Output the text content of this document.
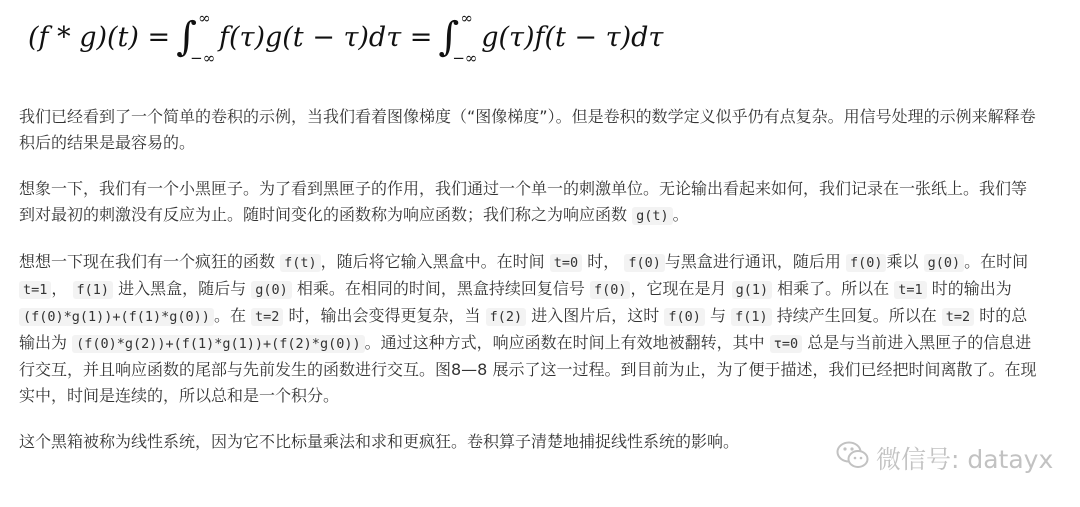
(f * g)(t) = ∫ ∞
−∞
f(τ)g(t − τ)dτ = ∫ ∞
−∞
g(τ)f(t − τ)dτ

我们已经看到了一个简单的卷积的示例，当我们看着图像梯度（“图像梯度”）。但是卷积的数学定义似乎仍有点复杂。用信号处理的示例来解释卷积后的结果是最容易的。

想象一下，我们有一个小黑匣子。为了看到黑匣子的作用，我们通过一个单一的刺激单位。无论输出看起来如何，我们记录在一张纸上。我们等到对最初的刺激没有反应为止。随时间变化的函数称为响应函数；我们称之为响应函数 g(t) 。

想想一下现在我们有一个疯狂的函数 f(t) ，随后将它输入黑盒中。在时间 t=0 时， f(0) 与黑盒进行通讯，随后用 f(0) 乘以 g(0) 。在时间 t=1 ， f(1) 进入黑盒，随后与 g(0) 相乘。在相同的时间，黑盒持续回复信号 f(0) ，它现在是月 g(1) 相乘了。所以在 t=1 时的输出为 (f(0)*g(1))+(f(1)*g(0)) 。在 t=2 时，输出会变得更复杂，当 f(2) 进入图片后，这时 f(0) 与 f(1) 持续产生回复。所以在 t=2 时的总输出为 (f(0)*g(2))+(f(1)*g(1))+(f(2)*g(0)) 。通过这种方式，响应函数在时间上有效地被翻转，其中 τ=0 总是与当前进入黑匣子的信息进行交互，并且响应函数的尾部与先前发生的函数进行交互。图8—8 展示了这一过程。到目前为止，为了便于描述，我们已经把时间离散了。在现实中，时间是连续的，所以总和是一个积分。

这个黑箱被称为线性系统，因为它不比标量乘法和求和更疯狂。卷积算子清楚地捕捉线性系统的影响。

微信号: datayx
